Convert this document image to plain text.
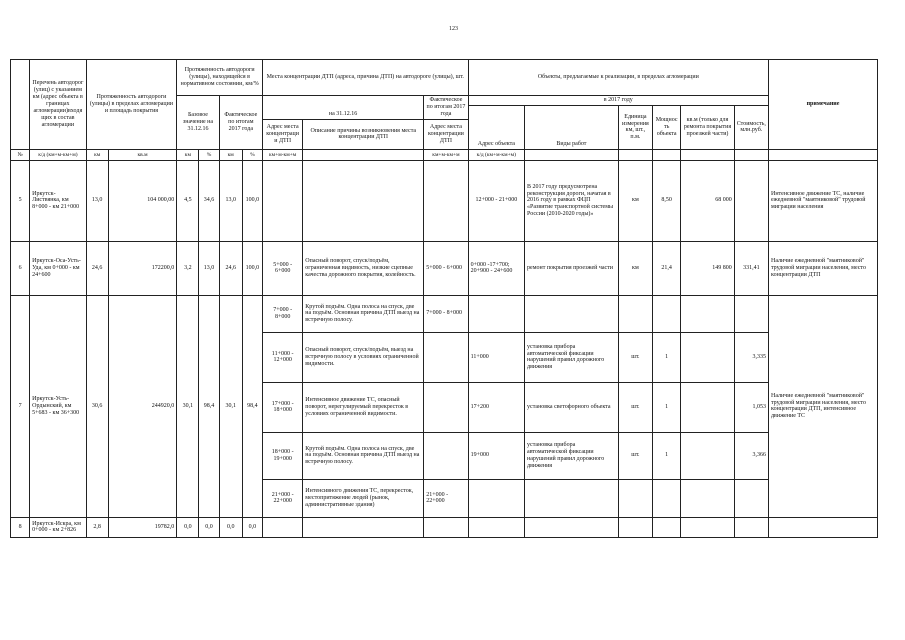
123
	Перечень автодорог (улиц) с указанием км (адрес объекта в границах агломерации)входящих в состав агломерации	Протяженность автодороги (улицы) в пределах агломерации и площадь покрытия		Протяженность автодороги (улицы), находящейся в нормативном состоянии, км/%				Места концентрации ДТП (адреса, причина ДТП) на автодороге (улицы), шт.			Объекты, предлагаемые к реализации, в пределах агломерации						примечание
				Базовое значение на 31.12.16		Фактическое по итогам 2017 года		на 31.12.16		Фактическое по итогам 2017 года	в 2017 году						
											Адрес объекта	Виды работ	Единица измерения км, шт., п.м.	Мощность объекта	кв.м (только для ремонта покрытия проезжей части)	Стоимость, млн.руб.	
								Адрес места концентрации ДТП	Описание причины возникновения места концентрации ДТП	Адрес места концентрации ДТП							
№	к/д (км+м-км+м)	км	кв.м	км	%	км	%	км+м-км+м		км+м-км+м	к/д (км+м-км+м)						
5	Иркутск-Листвянка, км 8+000 - км 21+000	13,0	104 000,00	4,5	34,6	13,0	100,0				12+000 - 21+000	В 2017 году предусмотрена реконструкция дороги, начатая в 2016 году в рамках ФЦП «Развитие транспортной системы России (2010-2020 годы)»	км	8,50	68 000		Интенсивное движение ТС, наличие ежедневной "маятниковой" трудовой миграции населения
6	Иркутск-Оса-Усть-Уда, км 0+000 - км 24+600	24,6	172200,0	3,2	13,0	24,6	100,0	5+000 - 6+000	Опасный поворот, спуск/подъём, ограниченная видимость, низкие сцепные качества дорожного покрытия, колейность.	5+000 - 6+000	0+000 -17+700; 20+900 - 24+600	ремонт покрытия проезжей части	км	21,4	149 800	331,41	Наличие ежедневной "маятниковой" трудовой миграции населения, место концентрации ДТП
7	Иркутск-Усть-Ордынский, км 5+683 - км 36+300	30,6	244920,0	30,1	98,4	30,1	98,4	7+000 - 8+000	Крутой подъём. Одна полоса на спуск, две на подъём. Основная причина ДТП выезд на встречную полосу.	7+000 - 8+000							Наличие ежедневной "маятниковой" трудовой миграции населения, место концентрации ДТП, интенсивное движение ТС
								11+000 - 12+000	Опасный поворот, спуск/подъём, выезд на встречную полосу в условиях ограниченной видимости.		11+000	установка прибора автоматической фиксации нарушений правил дорожного движения	шт.	1		3,335	
								17+000 - 18+000	Интенсивное движение ТС, опасный поворот, нерегулируемый перекресток в условиях ограниченной видимости.		17+200	установка светофорного объекта	шт.	1		1,053	
								18+000 - 19+000	Крутой подъём. Одна полоса на спуск, две на подъём. Основная причина ДТП выезд на встречную полосу.		19+000	установка прибора автоматической фиксации нарушений правил дорожного движения	шт.	1		3,366	
								21+000 - 22+000	Интенсивного движения ТС, перекресток, местопритяжение людей (рынок, административные здания)	21+000 - 22+000							
8	Иркутск-Искра, км 0+000 - км 2+826	2,8	19782,0	0,0	0,0	0,0	0,0										
